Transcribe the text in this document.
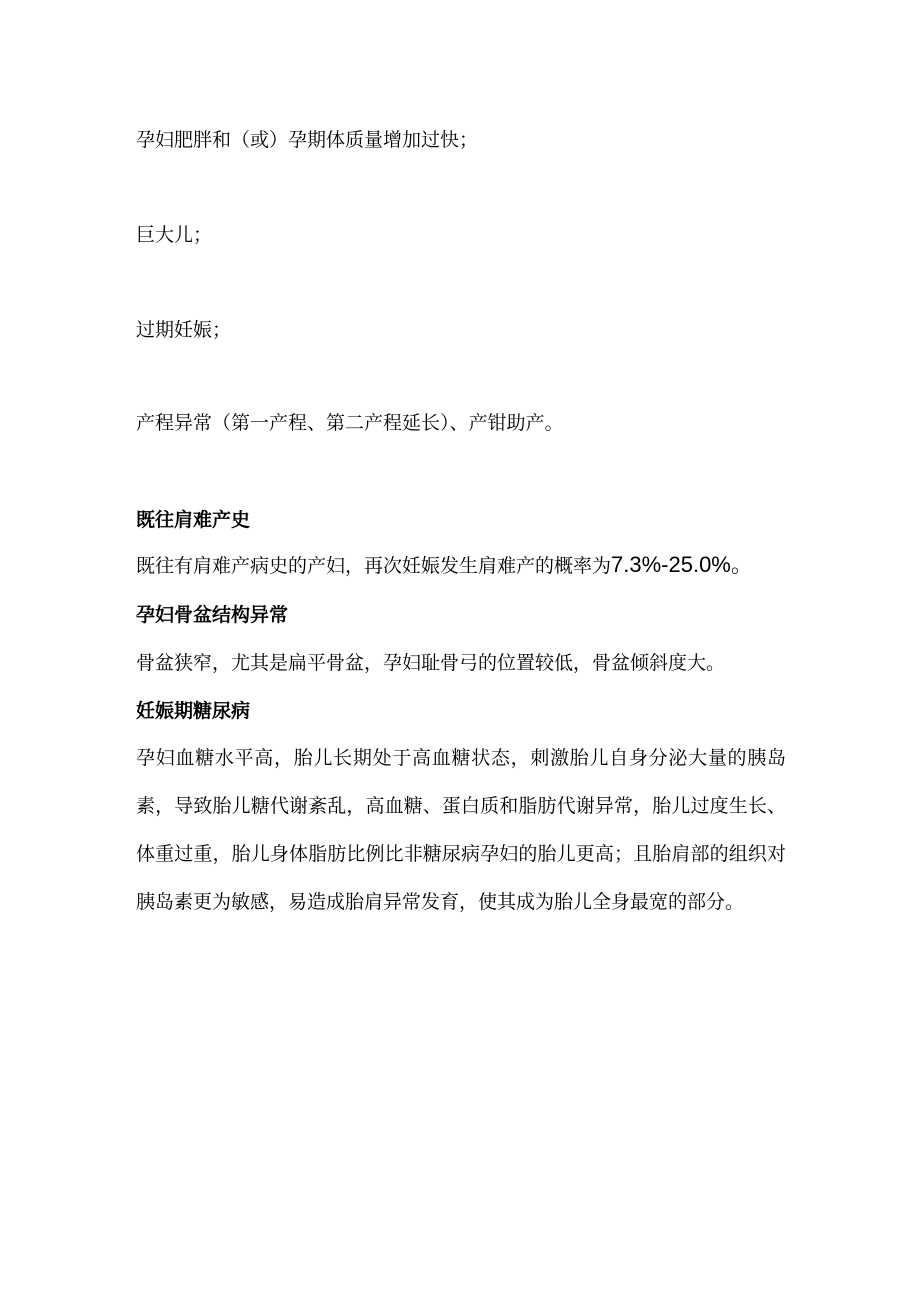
孕妇肥胖和（或）孕期体质量增加过快；

巨大儿；

过期妊娠；

产程异常（第一产程、第二产程延长）、产钳助产。

既往肩难产史

既往有肩难产病史的产妇，再次妊娠发生肩难产的概率为7.3%-25.0%。

孕妇骨盆结构异常

骨盆狭窄，尤其是扁平骨盆，孕妇耻骨弓的位置较低，骨盆倾斜度大。

妊娠期糖尿病

孕妇血糖水平高，胎儿长期处于高血糖状态，刺激胎儿自身分泌大量的胰岛素，导致胎儿糖代谢紊乱，高血糖、蛋白质和脂肪代谢异常，胎儿过度生长、体重过重，胎儿身体脂肪比例比非糖尿病孕妇的胎儿更高；且胎肩部的组织对胰岛素更为敏感，易造成胎肩异常发育，使其成为胎儿全身最宽的部分。
